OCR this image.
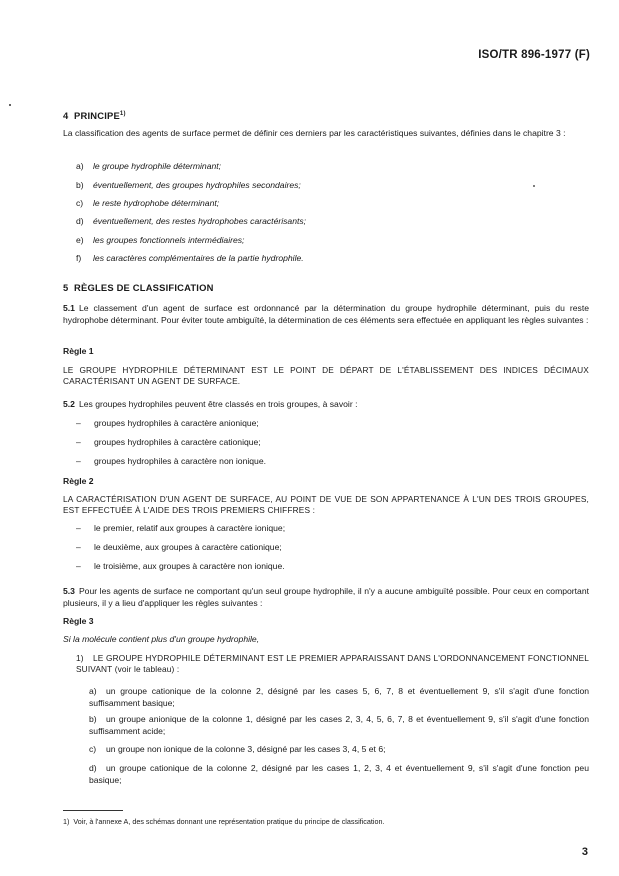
ISO/TR 896-1977 (F)
4 PRINCIPE$^{1)}$
La classification des agents de surface permet de définir ces derniers par les caractéristiques suivantes, définies dans le chapitre 3 :
a) le groupe hydrophile déterminant;
b) éventuellement, des groupes hydrophiles secondaires;
c) le reste hydrophobe déterminant;
d) éventuellement, des restes hydrophobes caractérisants;
e) les groupes fonctionnels intermédiaires;
f) les caractères complémentaires de la partie hydrophile.
5 RÈGLES DE CLASSIFICATION
5.1 Le classement d'un agent de surface est ordonnancé par la détermination du groupe hydrophile déterminant, puis du reste hydrophobe déterminant. Pour éviter toute ambiguïté, la détermination de ces éléments sera effectuée en appliquant les règles suivantes :
Règle 1
LE GROUPE HYDROPHILE DÉTERMINANT EST LE POINT DE DÉPART DE L'ÉTABLISSEMENT DES INDICES DÉCIMAUX CARACTÉRISANT UN AGENT DE SURFACE.
5.2 Les groupes hydrophiles peuvent être classés en trois groupes, à savoir :
– groupes hydrophiles à caractère anionique;
– groupes hydrophiles à caractère cationique;
– groupes hydrophiles à caractère non ionique.
Règle 2
LA CARACTÉRISATION D'UN AGENT DE SURFACE, AU POINT DE VUE DE SON APPARTENANCE À L'UN DES TROIS GROUPES, EST EFFECTUÉE À L'AIDE DES TROIS PREMIERS CHIFFRES :
– le premier, relatif aux groupes à caractère ionique;
– le deuxième, aux groupes à caractère cationique;
– le troisième, aux groupes à caractère non ionique.
5.3 Pour les agents de surface ne comportant qu'un seul groupe hydrophile, il n'y a aucune ambiguïté possible. Pour ceux en comportant plusieurs, il y a lieu d'appliquer les règles suivantes :
Règle 3
Si la molécule contient plus d'un groupe hydrophile,
1) LE GROUPE HYDROPHILE DÉTERMINANT EST LE PREMIER APPARAISSANT DANS L'ORDONNANCEMENT FONCTIONNEL SUIVANT (voir le tableau) :
a) un groupe cationique de la colonne 2, désigné par les cases 5, 6, 7, 8 et éventuellement 9, s'il s'agit d'une fonction suffisamment basique;
b) un groupe anionique de la colonne 1, désigné par les cases 2, 3, 4, 5, 6, 7, 8 et éventuellement 9, s'il s'agit d'une fonction suffisamment acide;
c) un groupe non ionique de la colonne 3, désigné par les cases 3, 4, 5 et 6;
d) un groupe cationique de la colonne 2, désigné par les cases 1, 2, 3, 4 et éventuellement 9, s'il s'agit d'une fonction peu basique;
1) Voir, à l'annexe A, des schémas donnant une représentation pratique du principe de classification.
3
